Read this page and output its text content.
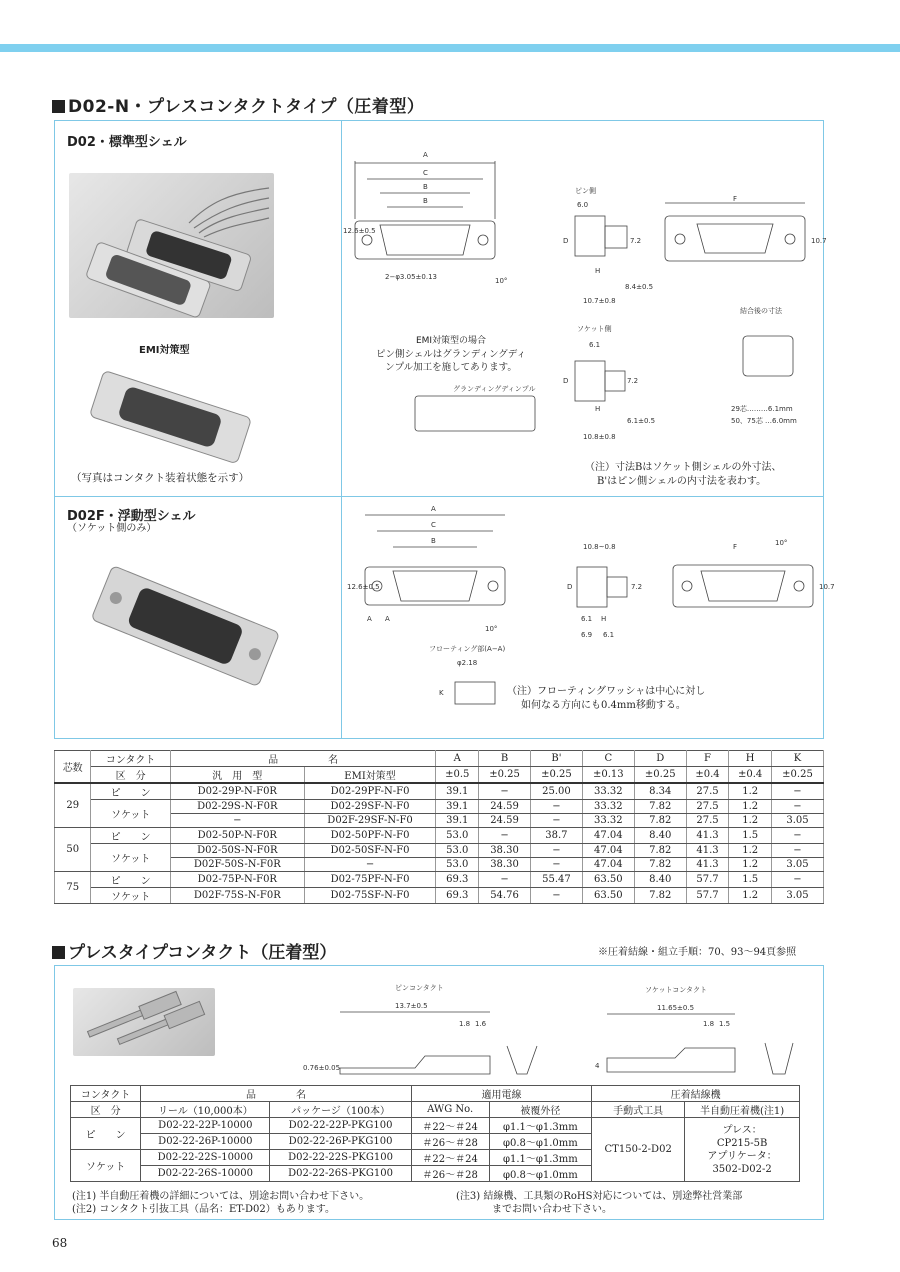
D02-N・プレスコンタクトタイプ（圧着型）
D02・標準型シェル
EMI対策型
（写真はコンタクト装着状態を示す）
A
C
B
B
12.6±0.5
2−φ3.05±0.13	10°
ピン側
6.0
D	7.2
H
8.4±0.5
10.7±0.8
F
10.7
結合後の寸法
ソケット側
6.1
D	7.2
H
6.1±0.5
10.8±0.8
29芯………6.1mm
50、75芯 …6.0mm
グランディングディンプル
EMI対策型の場合
ピン側シェルはグランディングディ
ンプル加工を施してあります。
（注）寸法Bはソケット側シェルの外寸法、
B'はピン側シェルの内寸法を表わす。
D02F・浮動型シェル
（ソケット側のみ）
A
C
B
12.6±0.5
A A
10°
10.8~0.8
D	7.2
6.1 H
6.9 6.1
F	10°
10.7
フローティング部(A−A)
φ2.18
K	（注）フローティングワッシャは中心に対し
如何なる方向にも0.4mm移動する。
芯数	コンタクト	品　　　　　名		A	B	B'	C	D	F	H	K
	区　分	汎　用　型	EMI対策型	±0.5	±0.25	±0.25	±0.13	±0.25	±0.4	±0.4	±0.25
29	ピ　　ン	D02-29P-N-F0R	D02-29PF-N-F0	39.1	−	25.00	33.32	8.34	27.5	1.2	−
	ソケット	D02-29S-N-F0R	D02-29SF-N-F0	39.1	24.59	−	33.32	7.82	27.5	1.2	−
		−	D02F-29SF-N-F0	39.1	24.59	−	33.32	7.82	27.5	1.2	3.05
50	ピ　　ン	D02-50P-N-F0R	D02-50PF-N-F0	53.0	−	38.7	47.04	8.40	41.3	1.5	−
	ソケット	D02-50S-N-F0R	D02-50SF-N-F0	53.0	38.30	−	47.04	7.82	41.3	1.2	−
		D02F-50S-N-F0R	−	53.0	38.30	−	47.04	7.82	41.3	1.2	3.05
75	ピ　　ン	D02-75P-N-F0R	D02-75PF-N-F0	69.3	−	55.47	63.50	8.40	57.7	1.5	−
	ソケット	D02F-75S-N-F0R	D02-75SF-N-F0	69.3	54.76	−	63.50	7.82	57.7	1.2	3.05
プレスタイプコンタクト（圧着型）	※圧着結線・組立手順：70、93〜94頁参照
ピンコンタクト
13.7±0.5
1.8 1.6
0.76±0.05
ソケットコンタクト
11.65±0.5
1.8 1.5
4
コンタクト	品　　　　名		適用電線		圧着結線機	
区　分	リール（10,000本）	パッケージ（100本）	AWG No.	被覆外径	手動式工具	半自動圧着機(注1)
ピ　　ン	D02-22-22P-10000	D02-22-22P-PKG100	＃22〜＃24	φ1.1〜φ1.3mm	CT150-2-D02	プレス：
CP215-5B
アプリケータ：
3502-D02-2

	D02-22-26P-10000	D02-22-26P-PKG100	＃26〜＃28	φ0.8〜φ1.0mm		
ソケット	D02-22-22S-10000	D02-22-22S-PKG100	＃22〜＃24	φ1.1〜φ1.3mm		
	D02-22-26S-10000	D02-22-26S-PKG100	＃26〜＃28	φ0.8〜φ1.0mm		
(注1) 半自動圧着機の詳細については、別途お問い合わせ下さい。
(注2) コンタクト引抜工具（品名：ET-D02）もあります。
(注3) 結線機、工具類のRoHS対応については、別途弊社営業部
までお問い合わせ下さい。
68
